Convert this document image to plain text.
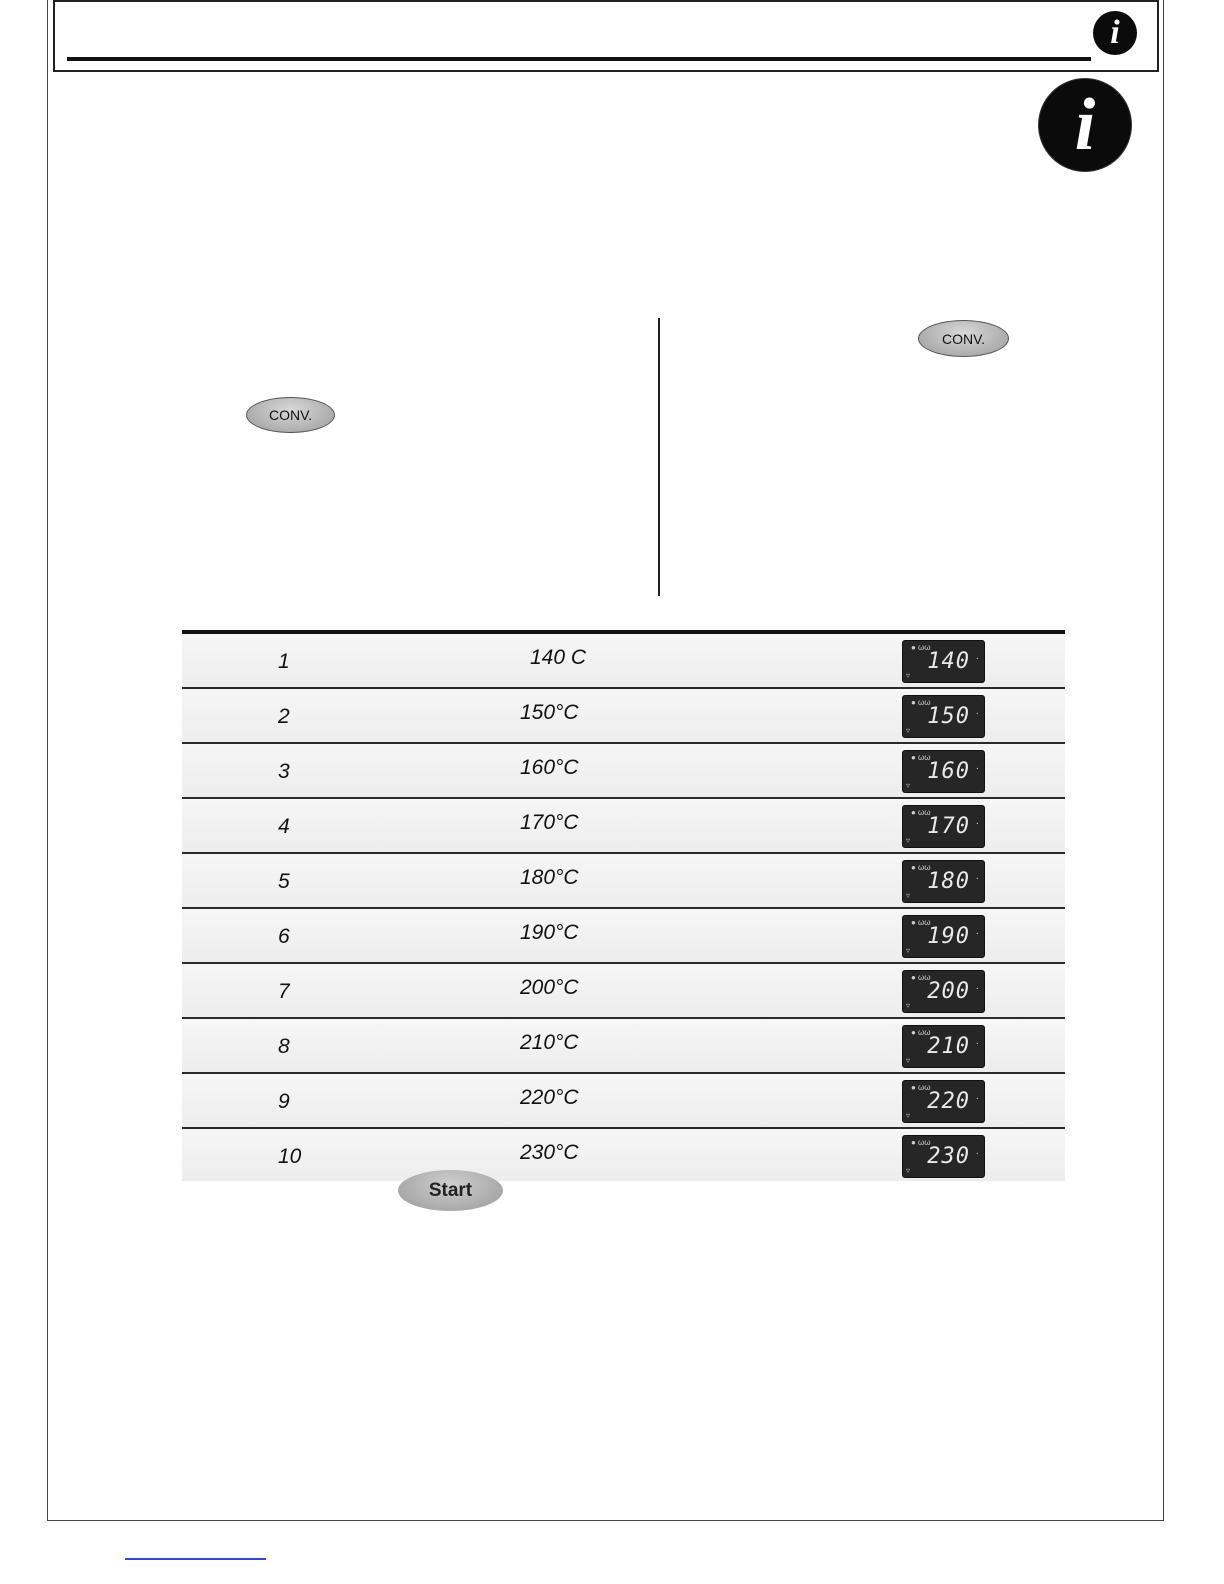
i
i
CONV.
CONV.
1	140 C	● ωω
140 ·
▿
2	150°C	● ωω
150 ·
▿
3	160°C	● ωω
160 ·
▿
4	170°C	● ωω
170 ·
▿
5	180°C	● ωω
180 ·
▿
6	190°C	● ωω
190 ·
▿
7	200°C	● ωω
200 ·
▿
8	210°C	● ωω
210 ·
▿
9	220°C	● ωω
220 ·
▿
10	230°C	● ωω
230 ·
▿
Start
